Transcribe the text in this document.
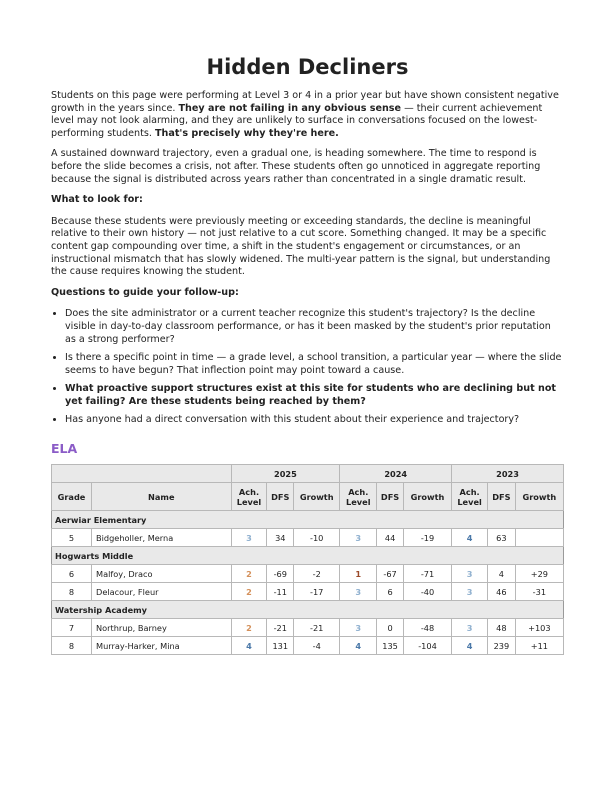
Hidden Decliners

Students on this page were performing at Level 3 or 4 in a prior year but have shown consistent negative growth in the years since. They are not failing in any obvious sense — their current achievement level may not look alarming, and they are unlikely to surface in conversations focused on the lowest-performing students. That's precisely why they're here.

A sustained downward trajectory, even a gradual one, is heading somewhere. The time to respond is before the slide becomes a crisis, not after. These students often go unnoticed in aggregate reporting because the signal is distributed across years rather than concentrated in a single dramatic result.

What to look for:

Because these students were previously meeting or exceeding standards, the decline is meaningful relative to their own history — not just relative to a cut score. Something changed. It may be a specific content gap compounding over time, a shift in the student's engagement or circumstances, or an instructional mismatch that has slowly widened. The multi-year pattern is the signal, but understanding the cause requires knowing the student.

Questions to guide your follow-up:

• Does the site administrator or a current teacher recognize this student's trajectory? Is the decline visible in day-to-day classroom performance, or has it been masked by the student's prior reputation as a strong performer?
• Is there a specific point in time — a grade level, a school transition, a particular year — where the slide seems to have begun? That inflection point may point toward a cause.
• What proactive support structures exist at this site for students who are declining but not yet failing? Are these students being reached by them?
• Has anyone had a direct conversation with this student about their experience and trajectory?
ELA
		2025			2024			2023		
Grade	Name	Ach. Level	DFS	Growth	Ach. Level	DFS	Growth	Ach. Level	DFS	Growth
Aerwiar Elementary										
5	Bidgeholler, Merna	3	34	-10	3	44	-19	4	63	
Hogwarts Middle										
6	Malfoy, Draco	2	-69	-2	1	-67	-71	3	4	+29
8	Delacour, Fleur	2	-11	-17	3	6	-40	3	46	-31
Watership Academy										
7	Northrup, Barney	2	-21	-21	3	0	-48	3	48	+103
8	Murray-Harker, Mina	4	131	-4	4	135	-104	4	239	+11
